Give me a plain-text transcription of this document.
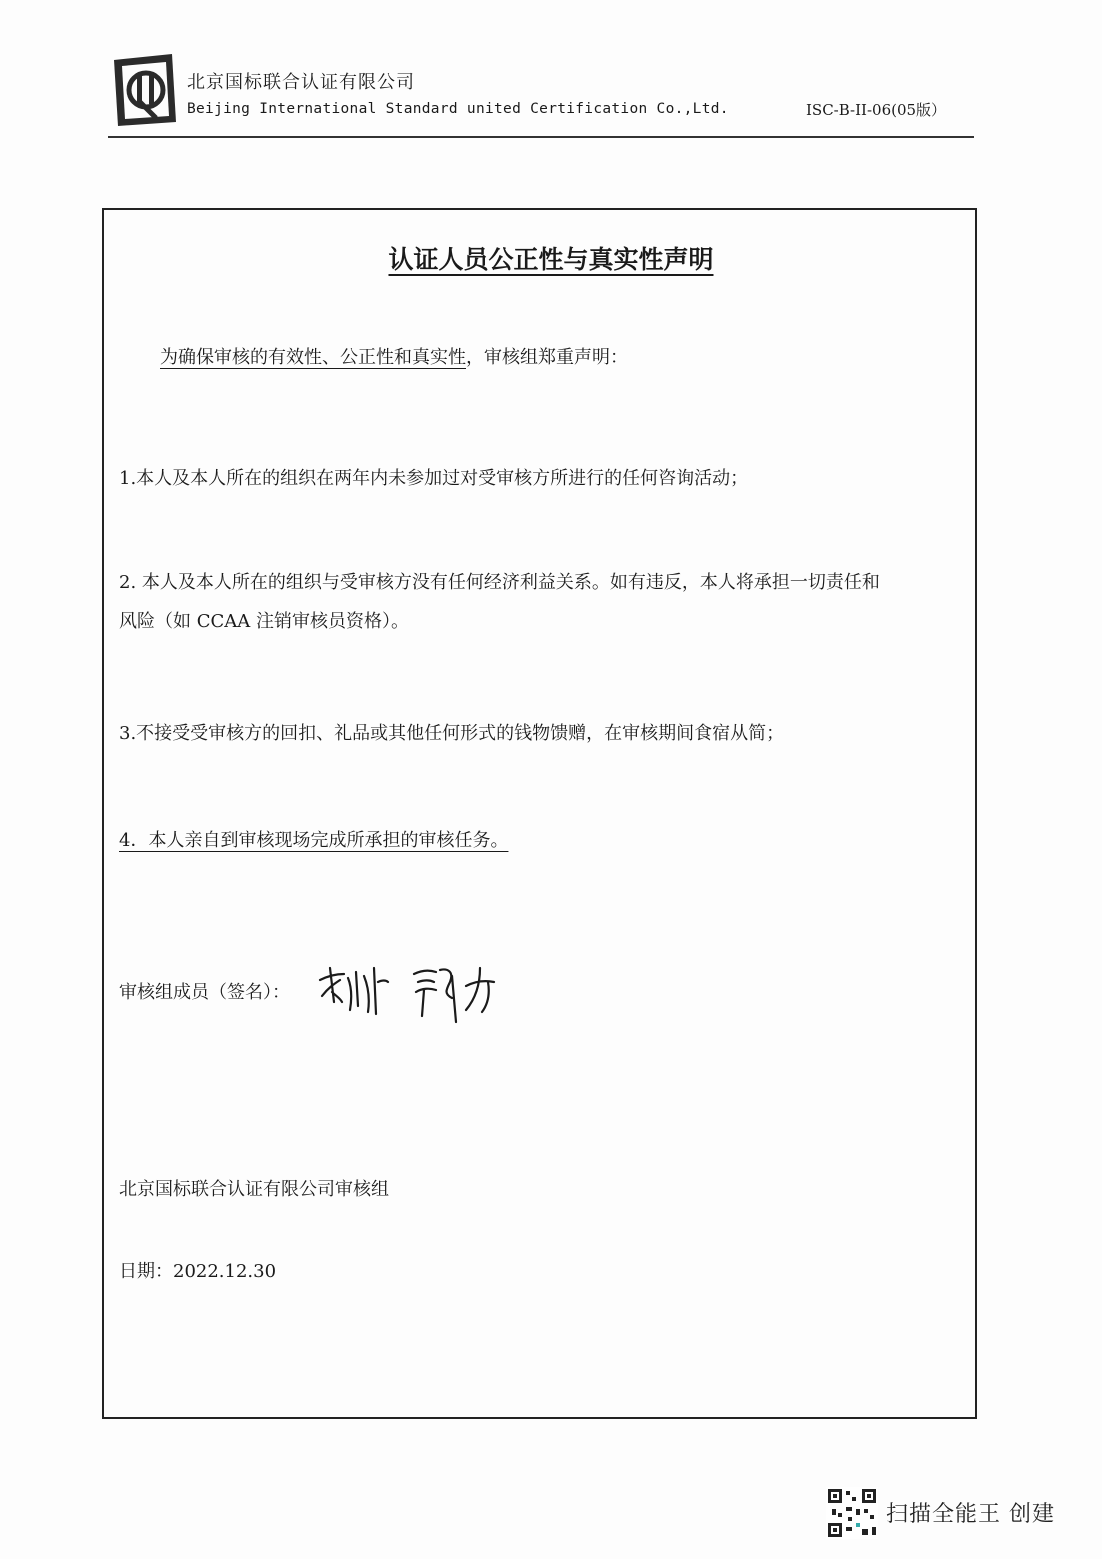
北京国标联合认证有限公司
Beijing International Standard united Certification Co.,Ltd.	ISC-B-II-06(05版）
认证人员公正性与真实性声明
为确保审核的有效性、公正性和真实性，审核组郑重声明：
1.本人及本人所在的组织在两年内未参加过对受审核方所进行的任何咨询活动；
2. 本人及本人所在的组织与受审核方没有任何经济利益关系。如有违反，本人将承担一切责任和
风险（如 CCAA 注销审核员资格）。
3.不接受受审核方的回扣、礼品或其他任何形式的钱物馈赠，在审核期间食宿从简；
4．本人亲自到审核现场完成所承担的审核任务。
审核组成员（签名）：
北京国标联合认证有限公司审核组
日期：2022.12.30
扫描全能王 创建
